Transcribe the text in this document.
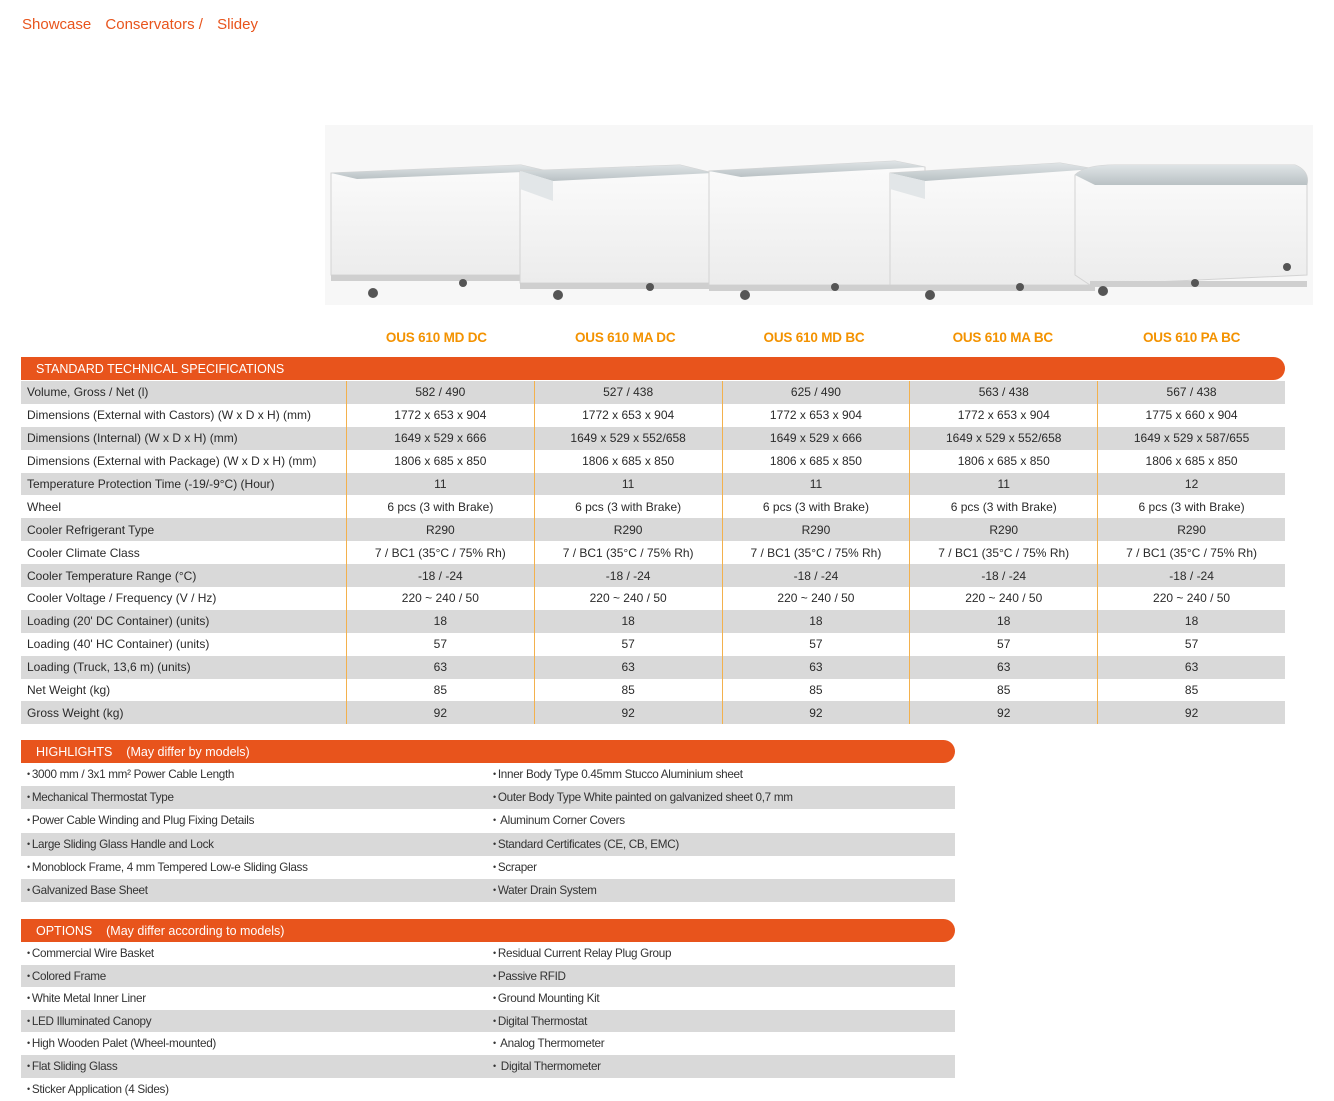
Showcase Conservators / Slidey
OUS 610 MD DC	OUS 610 MA DC	OUS 610 MD BC	OUS 610 MA BC	OUS 610 PA BC
STANDARD TECHNICAL SPECIFICATIONS
Volume, Gross / Net (l)	582 / 490	527 / 438	625 / 490	563 / 438	567 / 438
Dimensions (External with Castors) (W x D x H) (mm)	1772 x 653 x 904	1772 x 653 x 904	1772 x 653 x 904	1772 x 653 x 904	1775 x 660 x 904
Dimensions (Internal) (W x D x H) (mm)	1649 x 529 x 666	1649 x 529 x 552/658	1649 x 529 x 666	1649 x 529 x 552/658	1649 x 529 x 587/655
Dimensions (External with Package) (W x D x H) (mm)	1806 x 685 x 850	1806 x 685 x 850	1806 x 685 x 850	1806 x 685 x 850	1806 x 685 x 850
Temperature Protection Time (-19/-9°C) (Hour)	11	11	11	11	12
Wheel	6 pcs (3 with Brake)	6 pcs (3 with Brake)	6 pcs (3 with Brake)	6 pcs (3 with Brake)	6 pcs (3 with Brake)
Cooler Refrigerant Type	R290	R290	R290	R290	R290
Cooler Climate Class	7 / BC1 (35°C / 75% Rh)	7 / BC1 (35°C / 75% Rh)	7 / BC1 (35°C / 75% Rh)	7 / BC1 (35°C / 75% Rh)	7 / BC1 (35°C / 75% Rh)
Cooler Temperature Range (°C)	-18 / -24	-18 / -24	-18 / -24	-18 / -24	-18 / -24
Cooler Voltage / Frequency (V / Hz)	220 ~ 240 / 50	220 ~ 240 / 50	220 ~ 240 / 50	220 ~ 240 / 50	220 ~ 240 / 50
Loading (20' DC Container) (units)	18	18	18	18	18
Loading (40' HC Container) (units)	57	57	57	57	57
Loading (Truck, 13,6 m) (units)	63	63	63	63	63
Net Weight (kg)	85	85	85	85	85
Gross Weight (kg)	92	92	92	92	92
HIGHLIGHTS    (May differ by models)
• 3000 mm / 3x1 mm² Power Cable Length	• Inner Body Type 0.45mm Stucco Aluminium sheet
• Mechanical Thermostat Type	• Outer Body Type White painted on galvanized sheet 0,7 mm
• Power Cable Winding and Plug Fixing Details	• Aluminum Corner Covers
• Large Sliding Glass Handle and Lock	• Standard Certificates (CE, CB, EMC)
• Monoblock Frame, 4 mm Tempered Low-e Sliding Glass	• Scraper
• Galvanized Base Sheet	• Water Drain System
OPTIONS    (May differ according to models)
• Commercial Wire Basket	• Residual Current Relay Plug Group
• Colored Frame	• Passive RFID
• White Metal Inner Liner	• Ground Mounting Kit
• LED Illuminated Canopy	• Digital Thermostat
• High Wooden Palet (Wheel-mounted)	• Analog Thermometer
• Flat Sliding Glass	• Digital Thermometer
• Sticker Application (4 Sides)
